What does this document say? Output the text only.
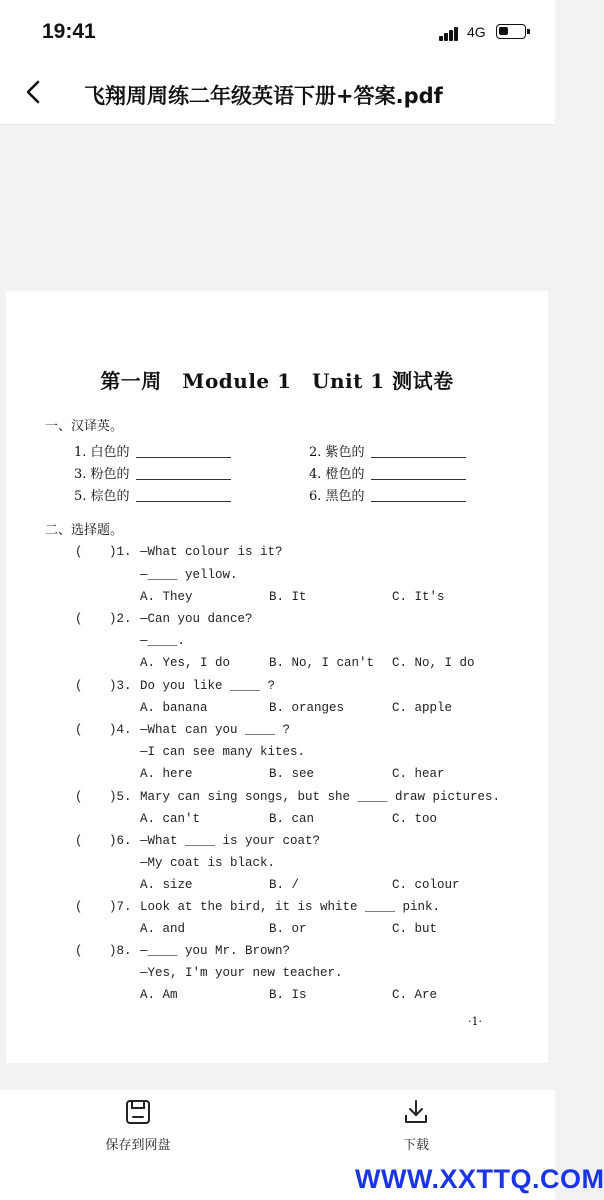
19:41	4G
飞翔周周练二年级英语下册+答案.pdf
第一周　Module 1　Unit 1 测试卷
一、汉译英。
1. 白色的	2. 紫色的
3. 粉色的	4. 橙色的
5. 棕色的	6. 黑色的
二、选择题。
( )1. —What colour is it?
—____ yellow.
A. They	B. It	C. It's
( )2. —Can you dance?
—____.
A. Yes, I do	B. No, I can't C. No, I do
( )3. Do you like ____ ?
A. banana	B. oranges	C. apple
( )4. —What can you ____ ?
—I can see many kites.
A. here	B. see	C. hear
( )5. Mary can sing songs, but she ____ draw pictures.
A. can't	B. can	C. too
( )6. —What ____ is your coat?
—My coat is black.
A. size	B. /	C. colour
( )7. Look at the bird, it is white ____ pink.
A. and	B. or	C. but
( )8. —____ you Mr. Brown?
—Yes, I'm your new teacher.
A. Am	B. Is	C. Are
·1·
保存到网盘	下载
WWW.XXTTQ.COM
